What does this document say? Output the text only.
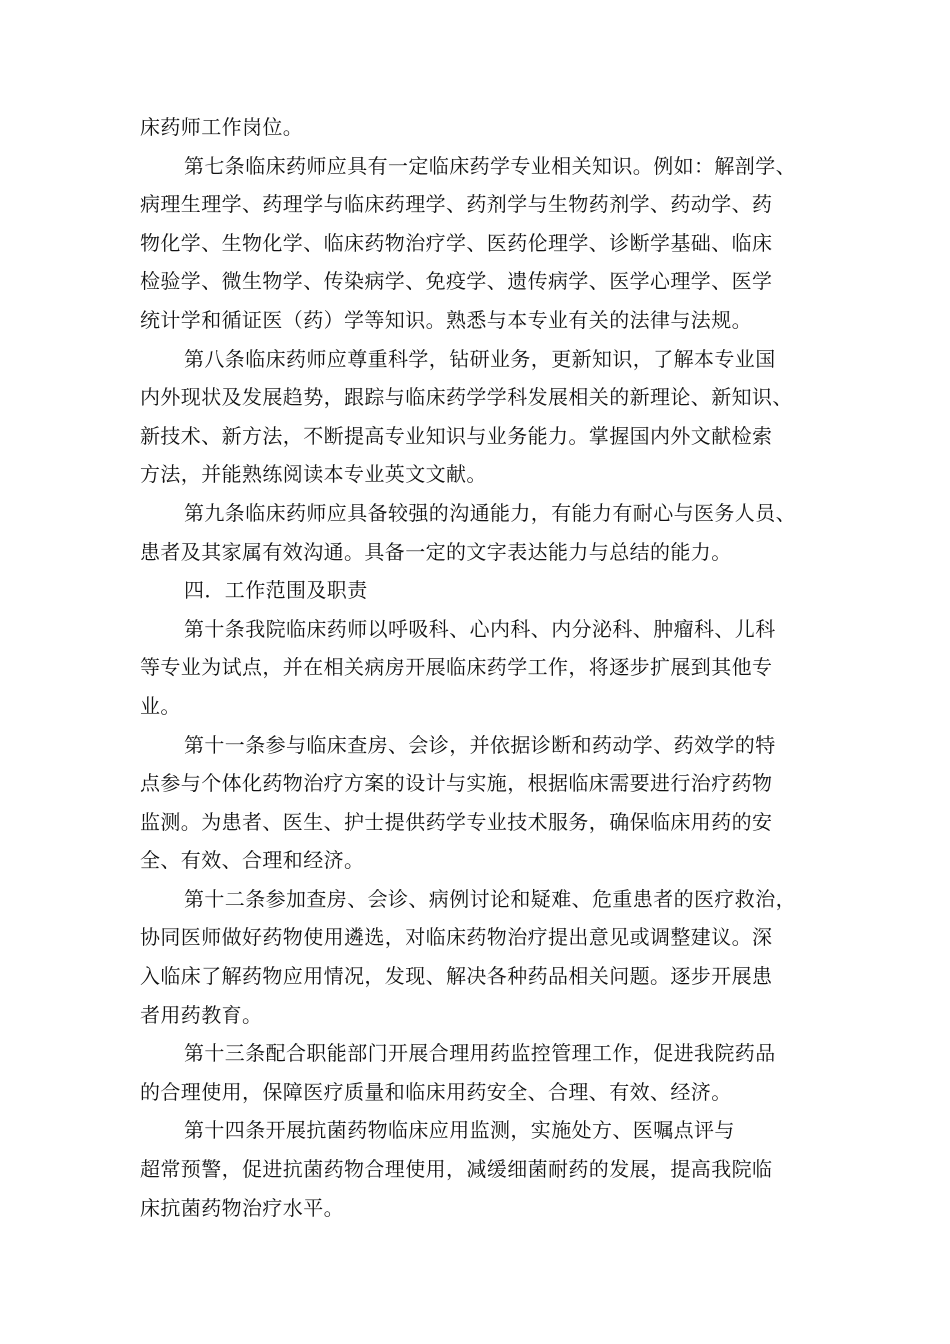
床药师工作岗位。
第七条临床药师应具有一定临床药学专业相关知识。例如：解剖学、
病理生理学、药理学与临床药理学、药剂学与生物药剂学、药动学、药
物化学、生物化学、临床药物治疗学、医药伦理学、诊断学基础、临床
检验学、微生物学、传染病学、免疫学、遗传病学、医学心理学、医学
统计学和循证医（药）学等知识。熟悉与本专业有关的法律与法规。
第八条临床药师应尊重科学，钻研业务，更新知识，了解本专业国
内外现状及发展趋势，跟踪与临床药学学科发展相关的新理论、新知识、
新技术、新方法，不断提高专业知识与业务能力。掌握国内外文献检索
方法，并能熟练阅读本专业英文文献。
第九条临床药师应具备较强的沟通能力，有能力有耐心与医务人员、
患者及其家属有效沟通。具备一定的文字表达能力与总结的能力。
四．工作范围及职责
第十条我院临床药师以呼吸科、心内科、内分泌科、肿瘤科、儿科
等专业为试点，并在相关病房开展临床药学工作，将逐步扩展到其他专
业。
第十一条参与临床查房、会诊，并依据诊断和药动学、药效学的特
点参与个体化药物治疗方案的设计与实施，根据临床需要进行治疗药物
监测。为患者、医生、护士提供药学专业技术服务，确保临床用药的安
全、有效、合理和经济。
第十二条参加查房、会诊、病例讨论和疑难、危重患者的医疗救治，
协同医师做好药物使用遴选，对临床药物治疗提出意见或调整建议。深
入临床了解药物应用情况，发现、解决各种药品相关问题。逐步开展患
者用药教育。
第十三条配合职能部门开展合理用药监控管理工作，促进我院药品
的合理使用，保障医疗质量和临床用药安全、合理、有效、经济。
第十四条开展抗菌药物临床应用监测，实施处方、医嘱点评与
超常预警，促进抗菌药物合理使用，减缓细菌耐药的发展，提高我院临
床抗菌药物治疗水平。
